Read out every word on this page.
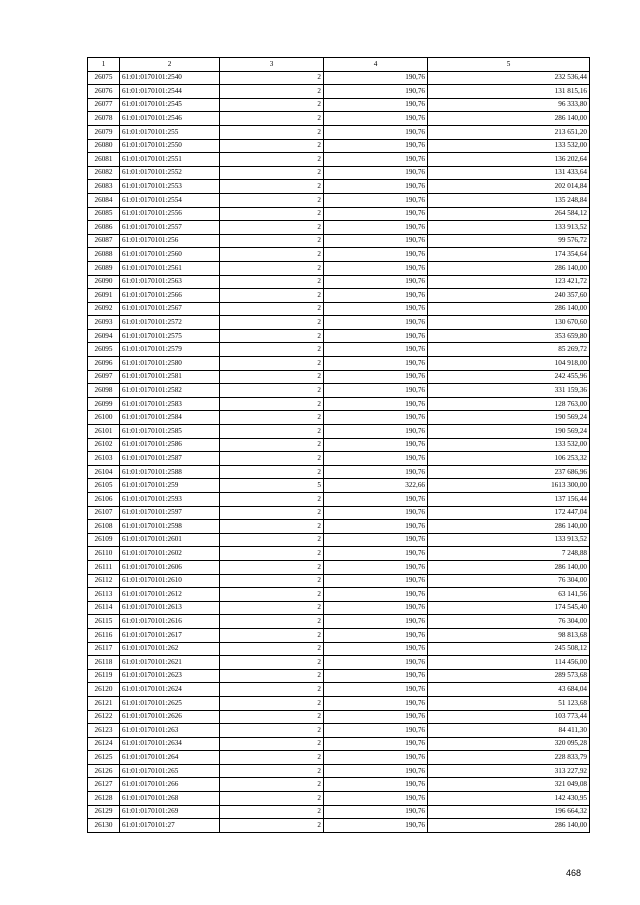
1	2	3	4	5
26075	61:01:0170101:2540	2	190,76	232 536,44
26076	61:01:0170101:2544	2	190,76	131 815,16
26077	61:01:0170101:2545	2	190,76	96 333,80
26078	61:01:0170101:2546	2	190,76	286 140,00
26079	61:01:0170101:255	2	190,76	213 651,20
26080	61:01:0170101:2550	2	190,76	133 532,00
26081	61:01:0170101:2551	2	190,76	136 202,64
26082	61:01:0170101:2552	2	190,76	131 433,64
26083	61:01:0170101:2553	2	190,76	202 014,84
26084	61:01:0170101:2554	2	190,76	135 248,84
26085	61:01:0170101:2556	2	190,76	264 584,12
26086	61:01:0170101:2557	2	190,76	133 913,52
26087	61:01:0170101:256	2	190,76	99 576,72
26088	61:01:0170101:2560	2	190,76	174 354,64
26089	61:01:0170101:2561	2	190,76	286 140,00
26090	61:01:0170101:2563	2	190,76	123 421,72
26091	61:01:0170101:2566	2	190,76	240 357,60
26092	61:01:0170101:2567	2	190,76	286 140,00
26093	61:01:0170101:2572	2	190,76	130 670,60
26094	61:01:0170101:2575	2	190,76	353 659,80
26095	61:01:0170101:2579	2	190,76	85 269,72
26096	61:01:0170101:2580	2	190,76	104 918,00
26097	61:01:0170101:2581	2	190,76	242 455,96
26098	61:01:0170101:2582	2	190,76	331 159,36
26099	61:01:0170101:2583	2	190,76	128 763,00
26100	61:01:0170101:2584	2	190,76	190 569,24
26101	61:01:0170101:2585	2	190,76	190 569,24
26102	61:01:0170101:2586	2	190,76	133 532,00
26103	61:01:0170101:2587	2	190,76	106 253,32
26104	61:01:0170101:2588	2	190,76	237 686,96
26105	61:01:0170101:259	5	322,66	1613 300,00
26106	61:01:0170101:2593	2	190,76	137 156,44
26107	61:01:0170101:2597	2	190,76	172 447,04
26108	61:01:0170101:2598	2	190,76	286 140,00
26109	61:01:0170101:2601	2	190,76	133 913,52
26110	61:01:0170101:2602	2	190,76	7 248,88
26111	61:01:0170101:2606	2	190,76	286 140,00
26112	61:01:0170101:2610	2	190,76	76 304,00
26113	61:01:0170101:2612	2	190,76	63 141,56
26114	61:01:0170101:2613	2	190,76	174 545,40
26115	61:01:0170101:2616	2	190,76	76 304,00
26116	61:01:0170101:2617	2	190,76	98 813,68
26117	61:01:0170101:262	2	190,76	245 508,12
26118	61:01:0170101:2621	2	190,76	114 456,00
26119	61:01:0170101:2623	2	190,76	289 573,68
26120	61:01:0170101:2624	2	190,76	43 684,04
26121	61:01:0170101:2625	2	190,76	51 123,68
26122	61:01:0170101:2626	2	190,76	103 773,44
26123	61:01:0170101:263	2	190,76	84 411,30
26124	61:01:0170101:2634	2	190,76	320 095,28
26125	61:01:0170101:264	2	190,76	228 833,79
26126	61:01:0170101:265	2	190,76	313 227,92
26127	61:01:0170101:266	2	190,76	321 049,08
26128	61:01:0170101:268	2	190,76	142 430,95
26129	61:01:0170101:269	2	190,76	196 664,32
26130	61:01:0170101:27	2	190,76	286 140,00
468
